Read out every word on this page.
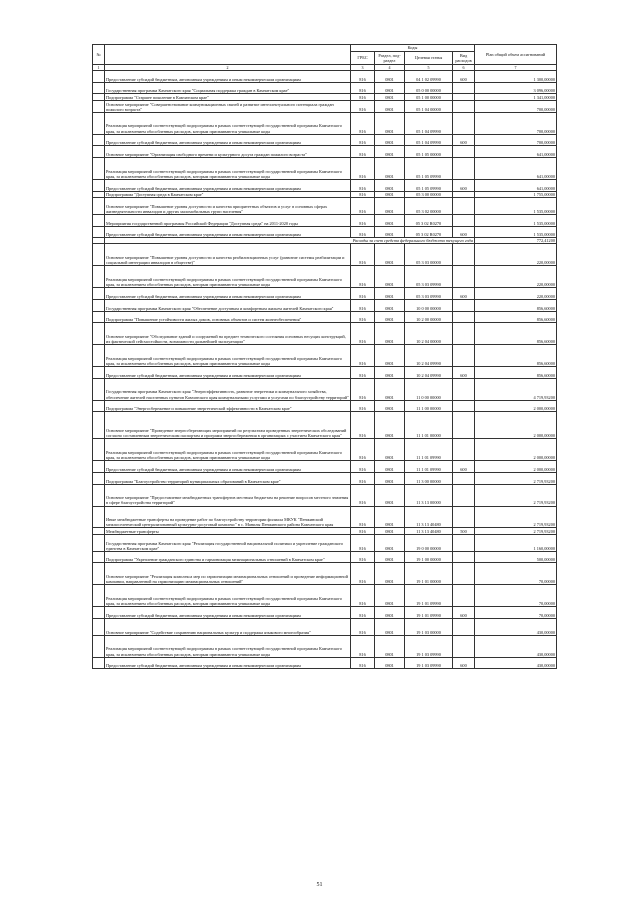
№		Коды				Plan общий объем ассигнований
		ГРБС	Раздел, под-раздел	Целевая статья	Вид расходов	
1	2	3	4	5	6	7
	Предоставление субсидий бюджетным, автономным учреждениям и иным некоммерческим организациям	816	0801	04 1 02 09990	600	1 300,00000
	Государственная программа Камчатского края "Социальная поддержка граждан в Камчатском крае"	816	0801	05 0 00 00000		3 096,00000
	Подпрограмма "Старшее поколение в Камчатском крае"	816	0801	05 1 00 00000		1 341,00000
	Основное мероприятие "Совершенствование коммуникационных связей и развитие интеллектуального потенциала граждан пожилого возраста"	816	0801	05 1 04 00000		700,00000
	Реализация мероприятий соответствующей подпрограммы в рамках соответствующей государственной программы Камчатского края, за исключением обособленных расходов, которым присваиваются уникальные коды	816	0801	05 1 04 09990		700,00000
	Предоставление субсидий бюджетным, автономным учреждениям и иным некоммерческим организациям	816	0801	05 1 04 09990	600	700,00000
	Основное мероприятие "Организация свободного времени и культурного досуга граждан пожилого возраста"	816	0801	05 1 05 00000		641,00000
	Реализация мероприятий соответствующей подпрограммы в рамках соответствующей государственной программы Камчатского края, за исключением обособленных расходов, которым присваиваются уникальные коды	816	0801	05 1 05 09990		641,00000
	Предоставление субсидий бюджетным, автономным учреждениям и иным некоммерческим организациям	816	0801	05 1 05 09990	600	641,00000
	Подпрограмма "Доступная среда в Камчатском крае"	816	0801	05 3 00 00000		1 755,00000
	Основное мероприятие "Повышение уровня доступности и качества приоритетных объектов и услуг в основных сферах жизнедеятельности инвалидов и других маломобильных групп населения"	816	0801	05 3 02 00000		1 535,00000
	Мероприятия государственной программы Российской Федерации "Доступная среда" на 2011-2020 годы	816	0801	05 3 02 R0270		1 535,00000
	Предоставление субсидий бюджетным, автономным учреждениям и иным некоммерческим организациям	816	0801	05 3 02 R0270	600	1 535,00000
	Расходы за счет средств федерального бюджета текущего года					772,41200
	Основное мероприятие "Повышение уровня доступности и качества реабилитационных услуг (развитие системы реабилитации и социальной интеграции инвалидов в обществе)"	816	0801	05 3 03 00000		220,00000
	Реализация мероприятий соответствующей подпрограммы в рамках соответствующей государственной программы Камчатского края, за исключением обособленных расходов, которым присваиваются уникальные коды	816	0801	05 3 03 09990		220,00000
	Предоставление субсидий бюджетным, автономным учреждениям и иным некоммерческим организациям	816	0801	05 3 03 09990	600	220,00000
	Государственная программа Камчатского края "Обеспечение доступным и комфортным жильем жителей Камчатского края"	816	0801	10 0 00 00000		856,60000
	Подпрограмма "Повышение устойчивости жилых домов, основных объектов и систем жизнеобеспечения"	816	0801	10 2 00 00000		856,60000
	Основное мероприятие "Обследование зданий и сооружений на предмет технического состояния основных несущих конструкций, их фактической сейсмостойкости, возможности дальнейшей эксплуатации"	816	0801	10 2 04 00000		856,60000
	Реализация мероприятий соответствующей подпрограммы в рамках соответствующей государственной программы Камчатского края, за исключением обособленных расходов, которым присваиваются уникальные коды	816	0801	10 2 04 09990		856,60000
	Предоставление субсидий бюджетным, автономным учреждениям и иным некоммерческим организациям	816	0801	10 2 04 09990	600	856,60000
	Государственная программа Камчатского края "Энергоэффективность, развитие энергетики и коммунального хозяйства, обеспечение жителей населенных пунктов Камчатского края коммунальными услугами и услугами по благоустройству территорий"	816	0801	11 0 00 00000		4 719,93200
	Подпрограмма "Энергосбережение и повышение энергетической эффективности в Камчатском крае"	816	0801	11 1 00 00000		2 000,00000
	Основное мероприятие "Проведение энергосберегающих мероприятий по результатам проведенных энергетических обследований согласно составленным энергетическим паспортам и программ энергосбережения в организациях с участием Камчатского края"	816	0801	11 1 01 00000		2 000,00000
	Реализация мероприятий соответствующей подпрограммы в рамках соответствующей государственной программы Камчатского края, за исключением обособленных расходов, которым присваиваются уникальные коды	816	0801	11 1 01 09990		2 000,00000
	Предоставление субсидий бюджетным, автономным учреждениям и иным некоммерческим организациям	816	0801	11 1 01 09990	600	2 000,00000
	Подпрограмма "Благоустройство территорий муниципальных образований в Камчатском крае"	816	0801	11 3 00 00000		2 719,93200
	Основное мероприятие "Предоставление межбюджетных трансфертов местным бюджетам на решение вопросов местного значения в сфере благоустройства территорий"	816	0801	11 3 13 00000		2 719,93200
	Иные межбюджетные трансферты на проведение работ по благоустройству территории филиала МКУК "Пенжинский межпоселенческий централизованный культурно-досуговый комплекс" в с. Манилы Пенжинского района Камчатского края	816	0801	11 3 13 40480		2 719,93200
	Межбюджетные трансферты	816	0801	11 3 13 40480	500	2 719,93200
	Государственная программа Камчатского края "Реализация государственной национальной политики и укрепление гражданского единства в Камчатском крае"	816	0801	19 0 00 00000		1 160,00000
	Подпрограмма "Укрепление гражданского единства и гармонизация межнациональных отношений в Камчатском крае"	816	0801	19 1 00 00000		500,00000
	Основное мероприятие "Реализация комплекса мер по гармонизации межнациональных отношений и проведение информационной кампании, направленной на гармонизацию межнациональных отношений"	816	0801	19 1 01 00000		70,00000
	Реализация мероприятий соответствующей подпрограммы в рамках соответствующей государственной программы Камчатского края, за исключением обособленных расходов, которым присваиваются уникальные коды	816	0801	19 1 01 09990		70,00000
	Предоставление субсидий бюджетным, автономным учреждениям и иным некоммерческим организациям	816	0801	19 1 01 09990	600	70,00000
	Основное мероприятие "Содействие сохранению национальных культур и поддержка языкового многообразия"	816	0801	19 1 03 00000		430,00000
	Реализация мероприятий соответствующей подпрограммы в рамках соответствующей государственной программы Камчатского края, за исключением обособленных расходов, которым присваиваются уникальные коды	816	0801	19 1 03 09990		430,00000
	Предоставление субсидий бюджетным, автономным учреждениям и иным некоммерческим организациям	816	0801	19 1 03 09990	600	430,00000
51
